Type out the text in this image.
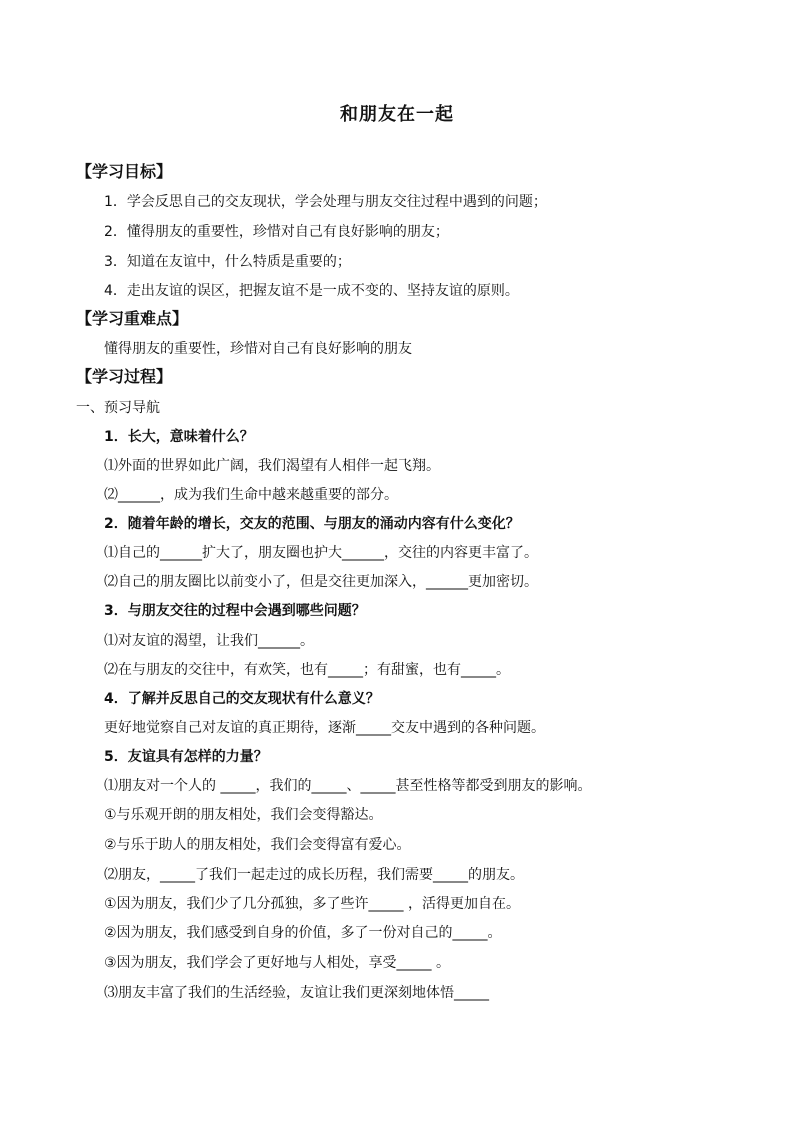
和朋友在一起
【学习目标】
1．学会反思自己的交友现状，学会处理与朋友交往过程中遇到的问题；
2．懂得朋友的重要性，珍惜对自己有良好影响的朋友；
3．知道在友谊中，什么特质是重要的；
4．走出友谊的误区，把握友谊不是一成不变的、坚持友谊的原则。
【学习重难点】
懂得朋友的重要性，珍惜对自己有良好影响的朋友
【学习过程】
一、预习导航
1．长大，意味着什么？
⑴外面的世界如此广阔，我们渴望有人相伴一起飞翔。
⑵______，成为我们生命中越来越重要的部分。
2．随着年龄的增长，交友的范围、与朋友的涌动内容有什么变化？
⑴自己的______扩大了，朋友圈也护大______，交往的内容更丰富了。
⑵自己的朋友圈比以前变小了，但是交往更加深入，______更加密切。
3．与朋友交往的过程中会遇到哪些问题？
⑴对友谊的渴望，让我们______。
⑵在与朋友的交往中，有欢笑，也有_____；有甜蜜，也有_____。
4．了解并反思自己的交友现状有什么意义？
更好地觉察自己对友谊的真正期待，逐渐_____交友中遇到的各种问题。
5．友谊具有怎样的力量？
⑴朋友对一个人的 _____，我们的_____、_____甚至性格等都受到朋友的影响。
①与乐观开朗的朋友相处，我们会变得豁达。
②与乐于助人的朋友相处，我们会变得富有爱心。
⑵朋友，_____了我们一起走过的成长历程，我们需要_____的朋友。
①因为朋友，我们少了几分孤独，多了些许_____ ，活得更加自在。
②因为朋友，我们感受到自身的价值，多了一份对自己的_____。
③因为朋友，我们学会了更好地与人相处，享受_____ 。
⑶朋友丰富了我们的生活经验，友谊让我们更深刻地体悟_____
